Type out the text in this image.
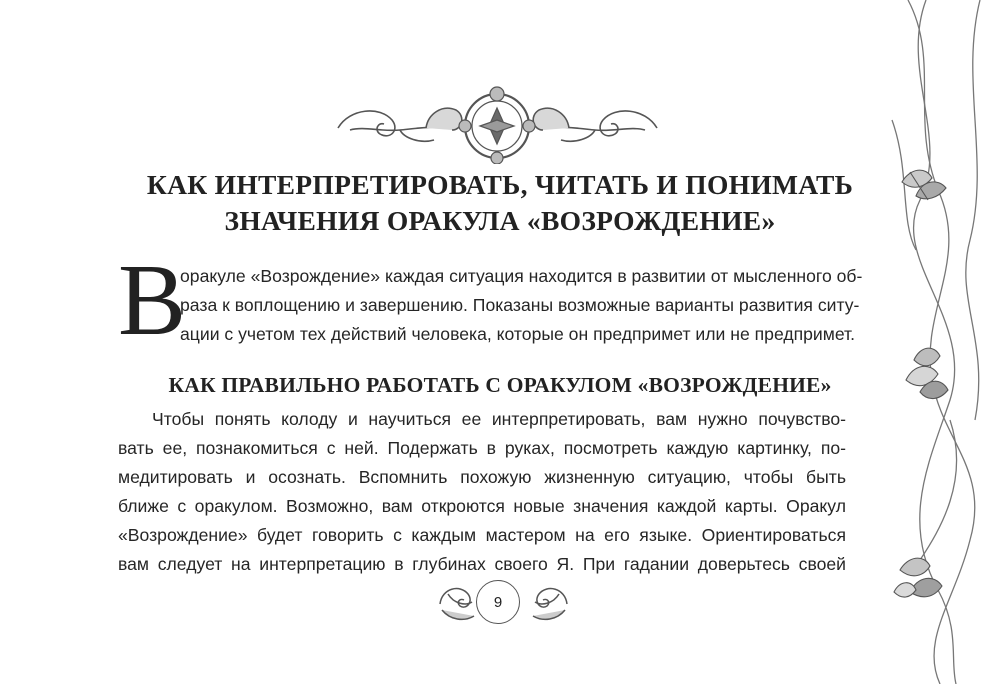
КАК ИНТЕРПРЕТИРОВАТЬ, ЧИТАТЬ И ПОНИМАТЬ
ЗНАЧЕНИЯ ОРАКУЛА «ВОЗРОЖДЕНИЕ»
В
оракуле «Возрождение» каждая ситуация находится в развитии от мысленного об-
раза к воплощению и завершению. Показаны возможные варианты развития ситу-
ации с учетом тех действий человека, которые он предпримет или не предпримет.
КАК ПРАВИЛЬНО РАБОТАТЬ С ОРАКУЛОМ «ВОЗРОЖДЕНИЕ»
Чтобы понять колоду и научиться ее интерпретировать, вам нужно почувство-
вать ее, познакомиться с ней. Подержать в руках, посмотреть каждую картинку, по-
медитировать и осознать. Вспомнить похожую жизненную ситуацию, чтобы быть
ближе с оракулом. Возможно, вам откроются новые значения каждой карты. Оракул
«Возрождение» будет говорить с каждым мастером на его языке. Ориентироваться
вам следует на интерпретацию в глубинах своего Я. При гадании доверьтесь своей
9
